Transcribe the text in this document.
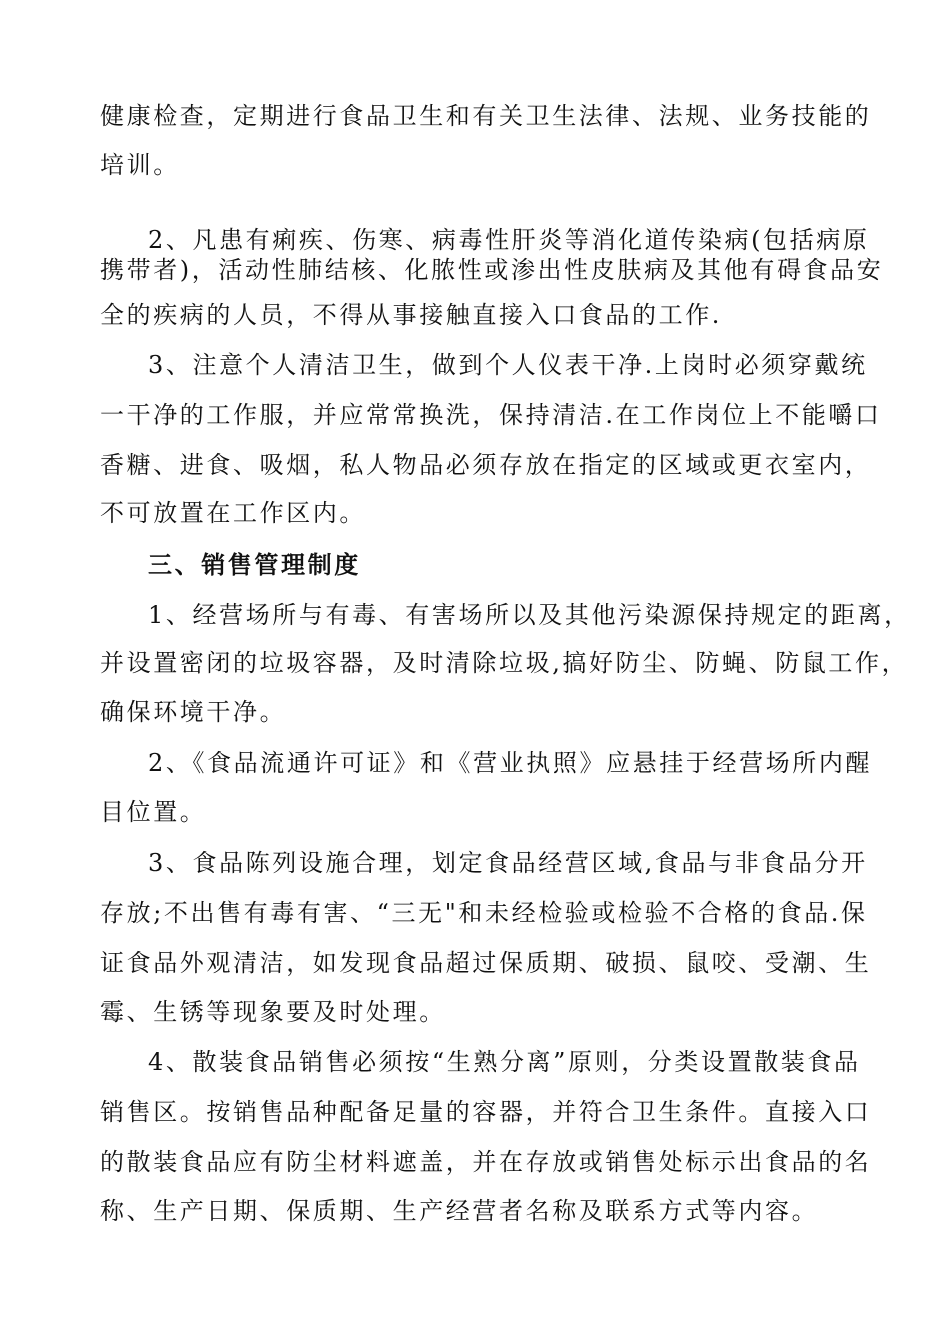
健康检查，定期进行食品卫生和有关卫生法律、法规、业务技能的
培训。
2、凡患有痢疾、伤寒、病毒性肝炎等消化道传染病(包括病原
携带者)，活动性肺结核、化脓性或渗出性皮肤病及其他有碍食品安
全的疾病的人员，不得从事接触直接入口食品的工作.
3、注意个人清洁卫生，做到个人仪表干净.上岗时必须穿戴统
一干净的工作服，并应常常换洗，保持清洁.在工作岗位上不能嚼口
香糖、进食、吸烟，私人物品必须存放在指定的区域或更衣室内，
不可放置在工作区内。
三、销售管理制度
1、经营场所与有毒、有害场所以及其他污染源保持规定的距离，
并设置密闭的垃圾容器，及时清除垃圾,搞好防尘、防蝇、防鼠工作，
确保环境干净。
2、《食品流通许可证》和《营业执照》应悬挂于经营场所内醒
目位置。
3、食品陈列设施合理，划定食品经营区域,食品与非食品分开
存放;不出售有毒有害、“三无"和未经检验或检验不合格的食品.保
证食品外观清洁，如发现食品超过保质期、破损、鼠咬、受潮、生
霉、生锈等现象要及时处理。
4、散装食品销售必须按“生熟分离”原则，分类设置散装食品
销售区。按销售品种配备足量的容器，并符合卫生条件。直接入口
的散装食品应有防尘材料遮盖，并在存放或销售处标示出食品的名
称、生产日期、保质期、生产经营者名称及联系方式等内容。
